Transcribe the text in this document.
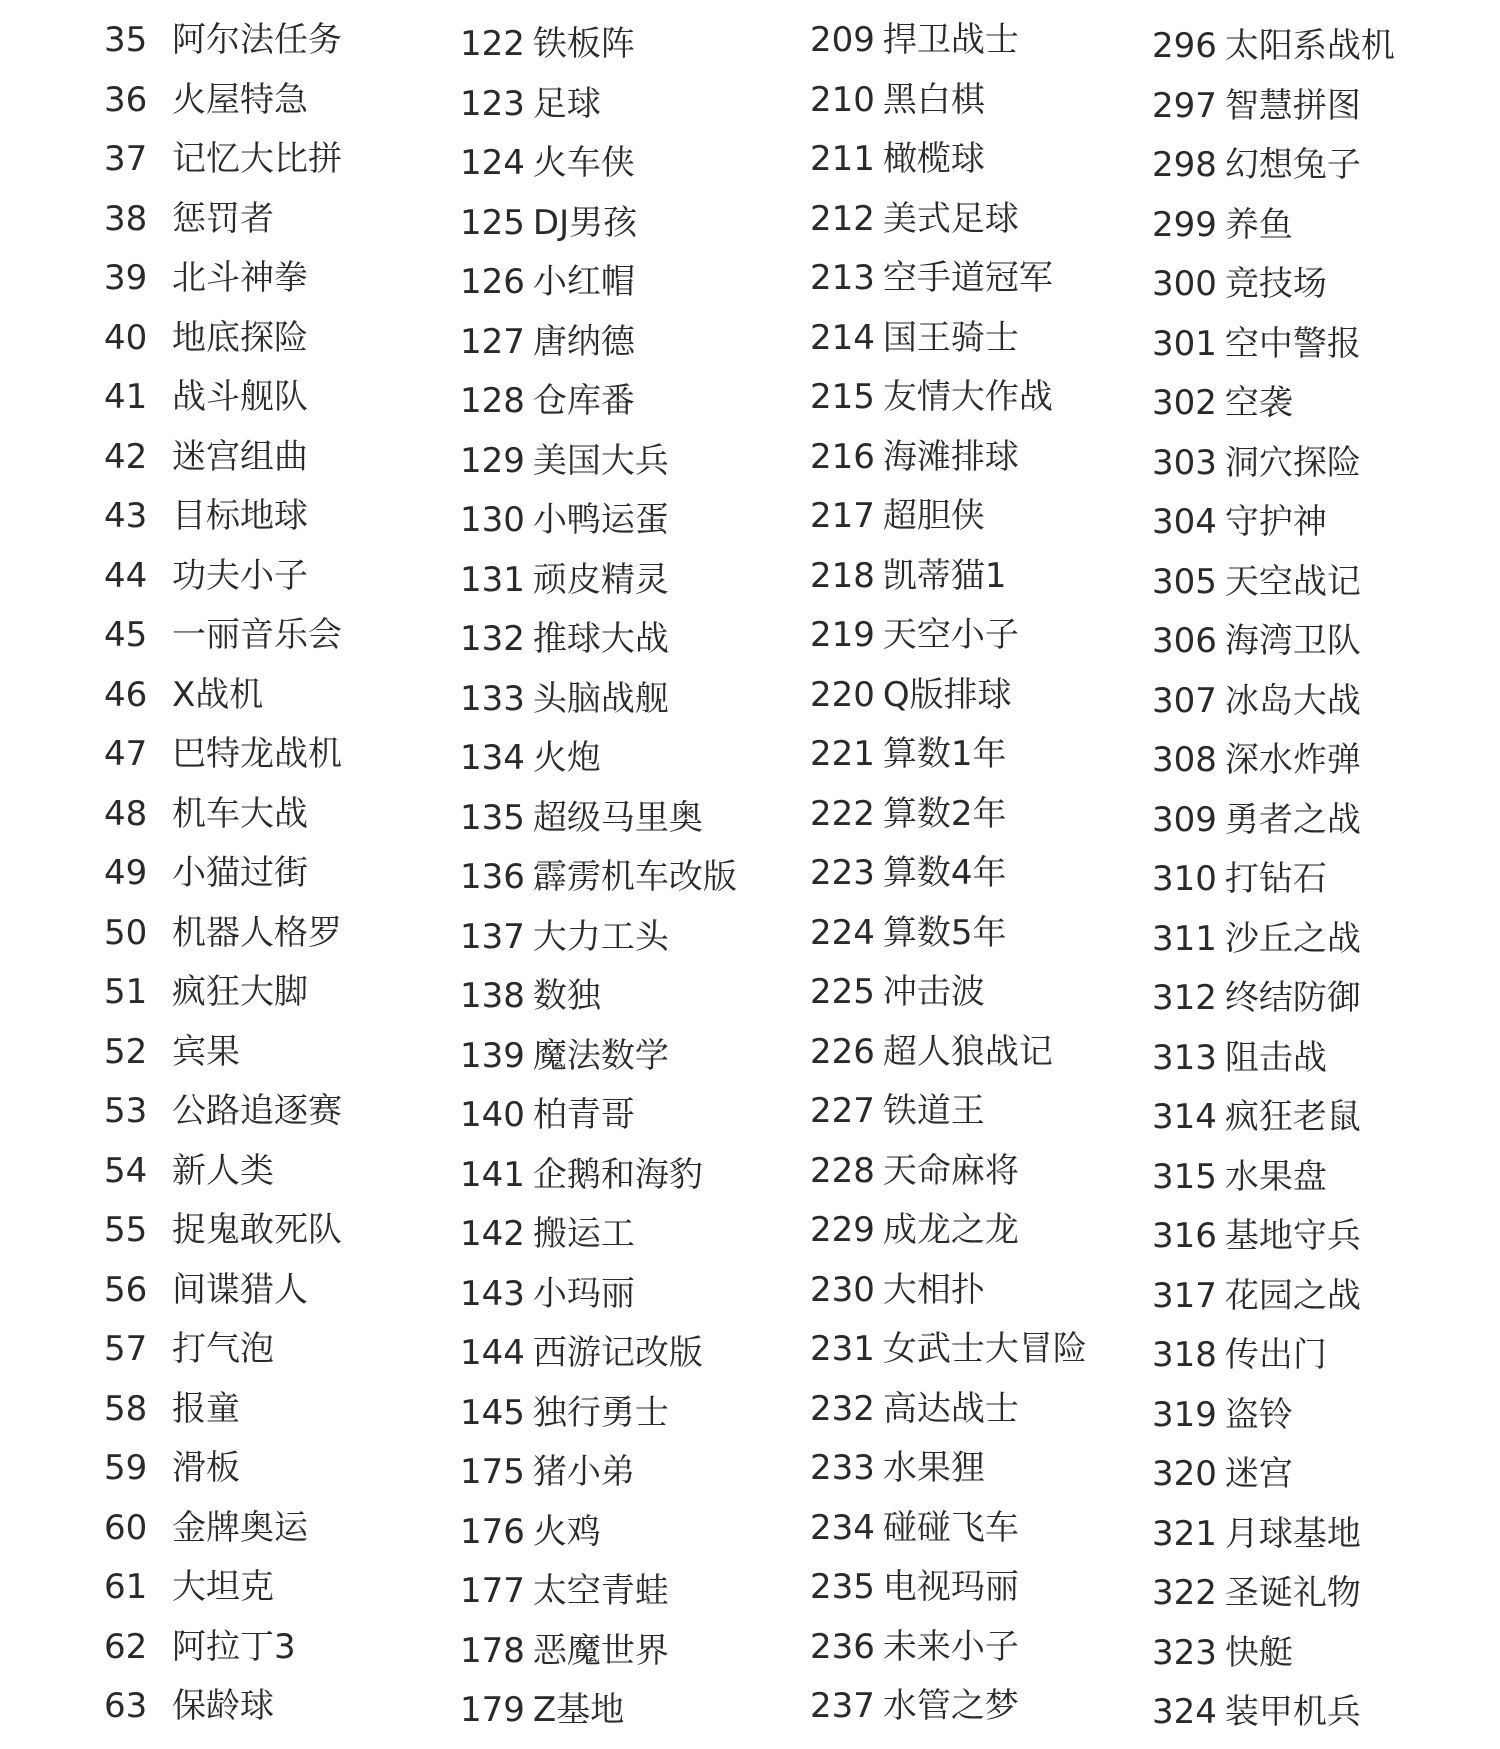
35 阿尔法任务
36 火屋特急
37 记忆大比拼
38 惩罚者
39 北斗神拳
40 地底探险
41 战斗舰队
42 迷宫组曲
43 目标地球
44 功夫小子
45 一丽音乐会
46 X战机
47 巴特龙战机
48 机车大战
49 小猫过街
50 机器人格罗
51 疯狂大脚
52 宾果
53 公路追逐赛
54 新人类
55 捉鬼敢死队
56 间谍猎人
57 打气泡
58 报童
59 滑板
60 金牌奥运
61 大坦克
62 阿拉丁3
63 保龄球
122 铁板阵
123 足球
124 火车侠
125 DJ男孩
126 小红帽
127 唐纳德
128 仓库番
129 美国大兵
130 小鸭运蛋
131 顽皮精灵
132 推球大战
133 头脑战舰
134 火炮
135 超级马里奥
136 霹雳机车改版
137 大力工头
138 数独
139 魔法数学
140 柏青哥
141 企鹅和海豹
142 搬运工
143 小玛丽
144 西游记改版
145 独行勇士
175 猪小弟
176 火鸡
177 太空青蛙
178 恶魔世界
179 Z基地
209 捍卫战士
210 黑白棋
211 橄榄球
212 美式足球
213 空手道冠军
214 国王骑士
215 友情大作战
216 海滩排球
217 超胆侠
218 凯蒂猫1
219 天空小子
220 Q版排球
221 算数1年
222 算数2年
223 算数4年
224 算数5年
225 冲击波
226 超人狼战记
227 铁道王
228 天命麻将
229 成龙之龙
230 大相扑
231 女武士大冒险
232 高达战士
233 水果狸
234 碰碰飞车
235 电视玛丽
236 未来小子
237 水管之梦
296 太阳系战机
297 智慧拼图
298 幻想兔子
299 养鱼
300 竞技场
301 空中警报
302 空袭
303 洞穴探险
304 守护神
305 天空战记
306 海湾卫队
307 冰岛大战
308 深水炸弹
309 勇者之战
310 打钻石
311 沙丘之战
312 终结防御
313 阻击战
314 疯狂老鼠
315 水果盘
316 基地守兵
317 花园之战
318 传出门
319 盗铃
320 迷宫
321 月球基地
322 圣诞礼物
323 快艇
324 装甲机兵
